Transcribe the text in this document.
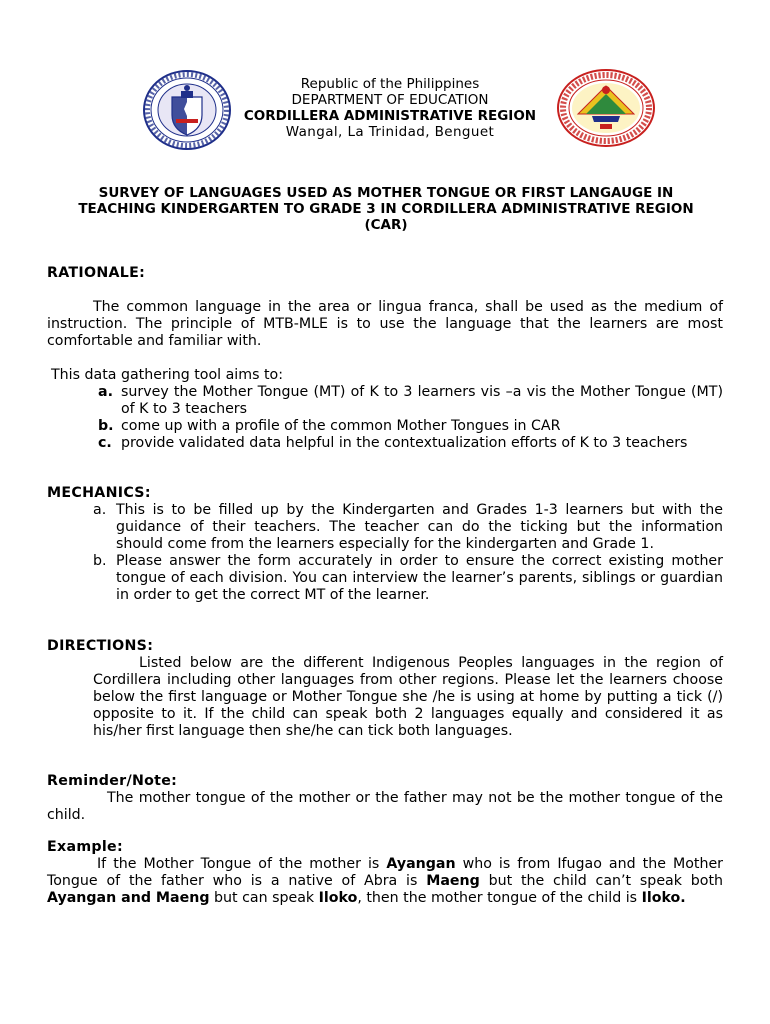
Republic of the Philippines
DEPARTMENT OF EDUCATION
CORDILLERA ADMINISTRATIVE REGION
Wangal, La Trinidad, Benguet
SURVEY OF LANGUAGES USED AS MOTHER TONGUE OR FIRST LANGAUGE IN
TEACHING KINDERGARTEN TO GRADE 3 IN CORDILLERA ADMINISTRATIVE REGION
(CAR)
RATIONALE:
The common language in the area or lingua franca, shall be used as the medium of instruction. The principle of MTB-MLE is to use the language that the learners are most comfortable and familiar with.
This data gathering tool aims to:
a. survey the Mother Tongue (MT) of K to 3 learners vis –a vis the Mother Tongue (MT) of K to 3 teachers
b. come up with a profile of the common Mother Tongues in CAR
c. provide validated data helpful in the contextualization efforts of K to 3 teachers
MECHANICS:
a. This is to be filled up by the Kindergarten and Grades 1-3 learners but with the guidance of their teachers. The teacher can do the ticking but the information should come from the learners especially for the kindergarten and Grade 1.
b. Please answer the form accurately in order to ensure the correct existing mother tongue of each division. You can interview the learner’s parents, siblings or guardian in order to get the correct MT of the learner.
DIRECTIONS:
Listed below are the different Indigenous Peoples languages in the region of Cordillera including other languages from other regions. Please let the learners choose below the first language or Mother Tongue she /he is using at home by putting a tick (/) opposite to it. If the child can speak both 2 languages equally and considered it as his/her first language then she/he can tick both languages.
Reminder/Note:
The mother tongue of the mother or the father may not be the mother tongue of the child.
Example:
If the Mother Tongue of the mother is Ayangan who is from Ifugao and the Mother Tongue of the father who is a native of Abra is Maeng but the child can’t speak both Ayangan and Maeng but can speak Iloko, then the mother tongue of the child is Iloko.
